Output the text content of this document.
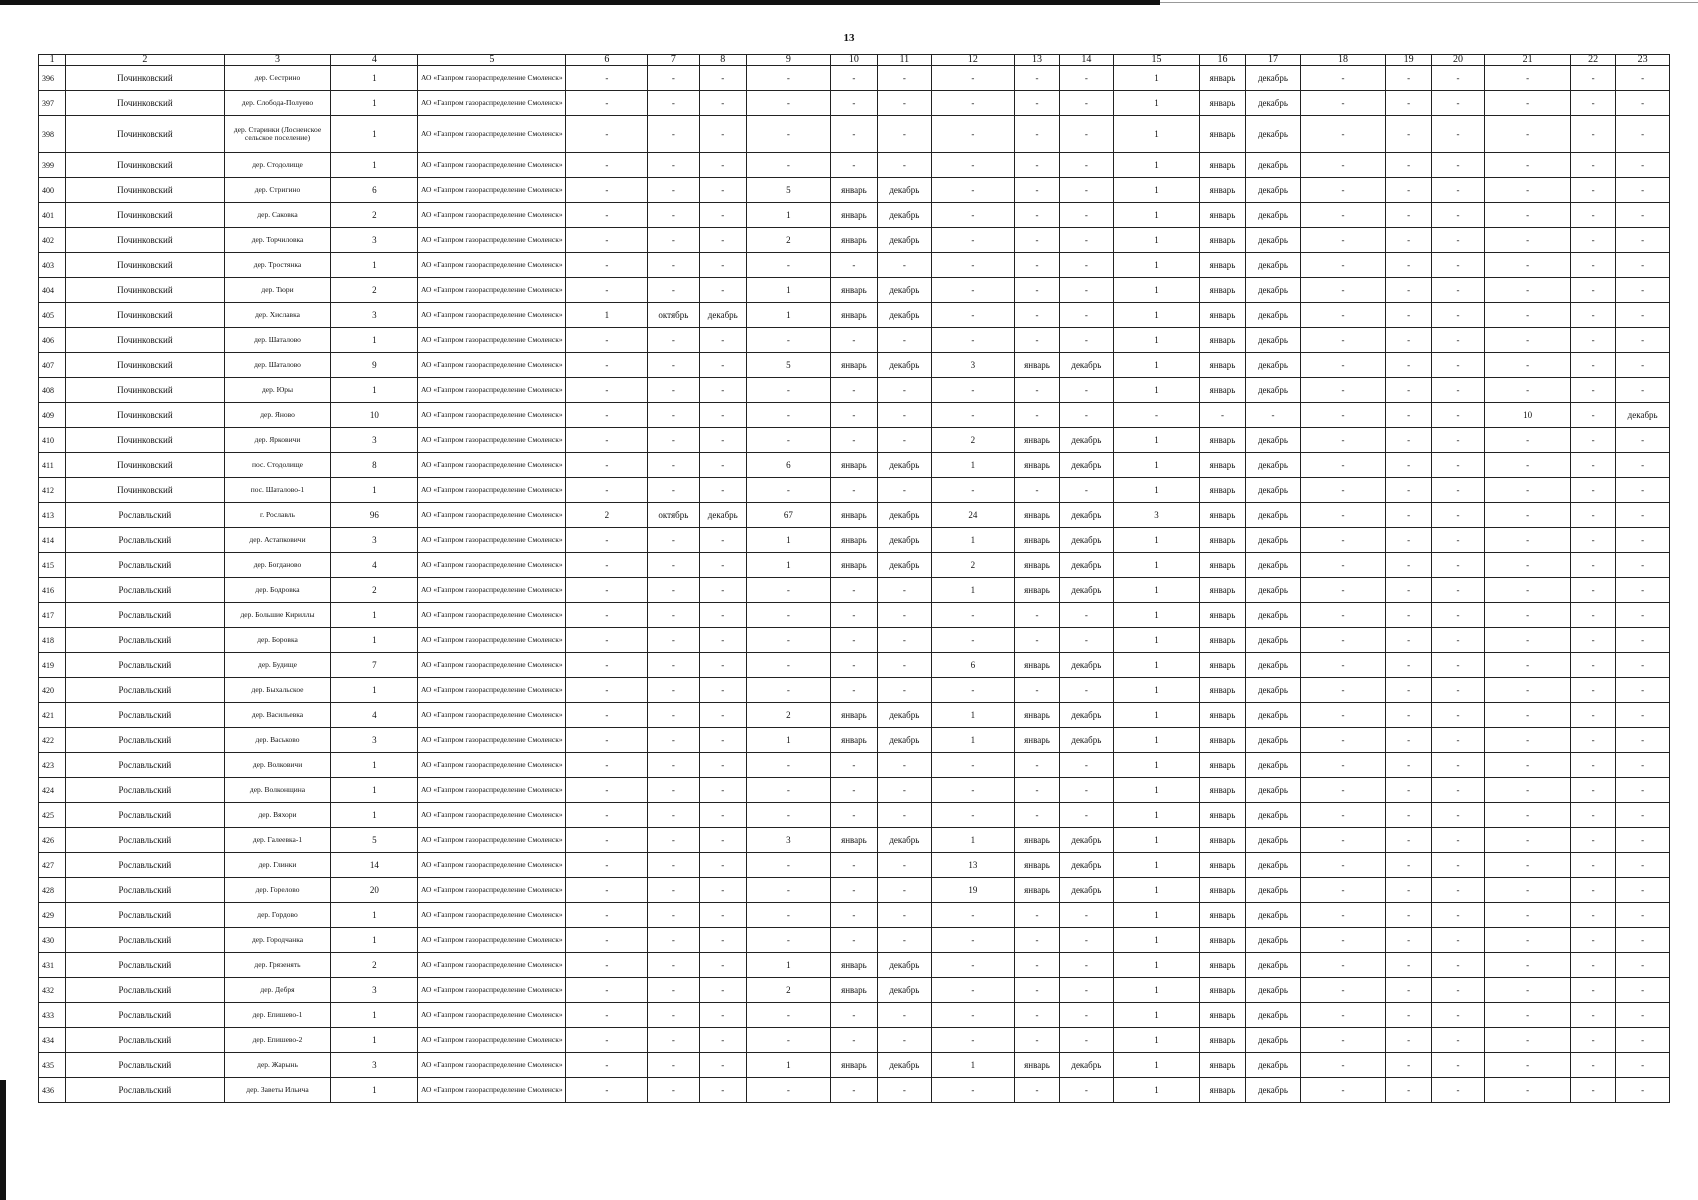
13
1	2	3	4	5	6	7	8	9	10	11	12	13	14	15	16	17	18	19	20	21	22	23
396	Починковский	дер. Сестрино	1	АО «Газпром газораспределение Смоленск»	-	-	-	-	-	-	-	-	-	1	январь	декабрь	-	-	-	-	-	-
397	Починковский	дер. Слобода-Полуево	1	АО «Газпром газораспределение Смоленск»	-	-	-	-	-	-	-	-	-	1	январь	декабрь	-	-	-	-	-	-
398	Починковский	дер. Старинки (Лосненское сельское поселение)	1	АО «Газпром газораспределение Смоленск»	-	-	-	-	-	-	-	-	-	1	январь	декабрь	-	-	-	-	-	-
399	Починковский	дер. Стодолище	1	АО «Газпром газораспределение Смоленск»	-	-	-	-	-	-	-	-	-	1	январь	декабрь	-	-	-	-	-	-
400	Починковский	дер. Стригино	6	АО «Газпром газораспределение Смоленск»	-	-	-	5	январь	декабрь	-	-	-	1	январь	декабрь	-	-	-	-	-	-
401	Починковский	дер. Саковка	2	АО «Газпром газораспределение Смоленск»	-	-	-	1	январь	декабрь	-	-	-	1	январь	декабрь	-	-	-	-	-	-
402	Починковский	дер. Торчиловка	3	АО «Газпром газораспределение Смоленск»	-	-	-	2	январь	декабрь	-	-	-	1	январь	декабрь	-	-	-	-	-	-
403	Починковский	дер. Тростянка	1	АО «Газпром газораспределение Смоленск»	-	-	-	-	-	-	-	-	-	1	январь	декабрь	-	-	-	-	-	-
404	Починковский	дер. Тюри	2	АО «Газпром газораспределение Смоленск»	-	-	-	1	январь	декабрь	-	-	-	1	январь	декабрь	-	-	-	-	-	-
405	Починковский	дер. Хиславка	3	АО «Газпром газораспределение Смоленск»	1	октябрь	декабрь	1	январь	декабрь	-	-	-	1	январь	декабрь	-	-	-	-	-	-
406	Починковский	дер. Шаталово	1	АО «Газпром газораспределение Смоленск»	-	-	-	-	-	-	-	-	-	1	январь	декабрь	-	-	-	-	-	-
407	Починковский	дер. Шаталово	9	АО «Газпром газораспределение Смоленск»	-	-	-	5	январь	декабрь	3	январь	декабрь	1	январь	декабрь	-	-	-	-	-	-
408	Починковский	дер. Юры	1	АО «Газпром газораспределение Смоленск»	-	-	-	-	-	-	-	-	-	1	январь	декабрь	-	-	-	-	-	-
409	Починковский	дер. Яново	10	АО «Газпром газораспределение Смоленск»	-	-	-	-	-	-	-	-	-	-	-	-	-	-	-	10	-	декабрь
410	Починковский	дер. Ярковичи	3	АО «Газпром газораспределение Смоленск»	-	-	-	-	-	-	2	январь	декабрь	1	январь	декабрь	-	-	-	-	-	-
411	Починковский	пос. Стодолище	8	АО «Газпром газораспределение Смоленск»	-	-	-	6	январь	декабрь	1	январь	декабрь	1	январь	декабрь	-	-	-	-	-	-
412	Починковский	пос. Шаталово-1	1	АО «Газпром газораспределение Смоленск»	-	-	-	-	-	-	-	-	-	1	январь	декабрь	-	-	-	-	-	-
413	Рославльский	г. Рославль	96	АО «Газпром газораспределение Смоленск»	2	октябрь	декабрь	67	январь	декабрь	24	январь	декабрь	3	январь	декабрь	-	-	-	-	-	-
414	Рославльский	дер. Астапковичи	3	АО «Газпром газораспределение Смоленск»	-	-	-	1	январь	декабрь	1	январь	декабрь	1	январь	декабрь	-	-	-	-	-	-
415	Рославльский	дер. Богданово	4	АО «Газпром газораспределение Смоленск»	-	-	-	1	январь	декабрь	2	январь	декабрь	1	январь	декабрь	-	-	-	-	-	-
416	Рославльский	дер. Бодровка	2	АО «Газпром газораспределение Смоленск»	-	-	-	-	-	-	1	январь	декабрь	1	январь	декабрь	-	-	-	-	-	-
417	Рославльский	дер. Большие Кириллы	1	АО «Газпром газораспределение Смоленск»	-	-	-	-	-	-	-	-	-	1	январь	декабрь	-	-	-	-	-	-
418	Рославльский	дер. Боровка	1	АО «Газпром газораспределение Смоленск»	-	-	-	-	-	-	-	-	-	1	январь	декабрь	-	-	-	-	-	-
419	Рославльский	дер. Будище	7	АО «Газпром газораспределение Смоленск»	-	-	-	-	-	-	6	январь	декабрь	1	январь	декабрь	-	-	-	-	-	-
420	Рославльский	дер. Быхальское	1	АО «Газпром газораспределение Смоленск»	-	-	-	-	-	-	-	-	-	1	январь	декабрь	-	-	-	-	-	-
421	Рославльский	дер. Васильевка	4	АО «Газпром газораспределение Смоленск»	-	-	-	2	январь	декабрь	1	январь	декабрь	1	январь	декабрь	-	-	-	-	-	-
422	Рославльский	дер. Васьково	3	АО «Газпром газораспределение Смоленск»	-	-	-	1	январь	декабрь	1	январь	декабрь	1	январь	декабрь	-	-	-	-	-	-
423	Рославльский	дер. Волковичи	1	АО «Газпром газораспределение Смоленск»	-	-	-	-	-	-	-	-	-	1	январь	декабрь	-	-	-	-	-	-
424	Рославльский	дер. Волконщина	1	АО «Газпром газораспределение Смоленск»	-	-	-	-	-	-	-	-	-	1	январь	декабрь	-	-	-	-	-	-
425	Рославльский	дер. Вяхори	1	АО «Газпром газораспределение Смоленск»	-	-	-	-	-	-	-	-	-	1	январь	декабрь	-	-	-	-	-	-
426	Рославльский	дер. Галеевка-1	5	АО «Газпром газораспределение Смоленск»	-	-	-	3	январь	декабрь	1	январь	декабрь	1	январь	декабрь	-	-	-	-	-	-
427	Рославльский	дер. Глинки	14	АО «Газпром газораспределение Смоленск»	-	-	-	-	-	-	13	январь	декабрь	1	январь	декабрь	-	-	-	-	-	-
428	Рославльский	дер. Горелово	20	АО «Газпром газораспределение Смоленск»	-	-	-	-	-	-	19	январь	декабрь	1	январь	декабрь	-	-	-	-	-	-
429	Рославльский	дер. Гордово	1	АО «Газпром газораспределение Смоленск»	-	-	-	-	-	-	-	-	-	1	январь	декабрь	-	-	-	-	-	-
430	Рославльский	дер. Городчанка	1	АО «Газпром газораспределение Смоленск»	-	-	-	-	-	-	-	-	-	1	январь	декабрь	-	-	-	-	-	-
431	Рославльский	дер. Грязенять	2	АО «Газпром газораспределение Смоленск»	-	-	-	1	январь	декабрь	-	-	-	1	январь	декабрь	-	-	-	-	-	-
432	Рославльский	дер. Дебря	3	АО «Газпром газораспределение Смоленск»	-	-	-	2	январь	декабрь	-	-	-	1	январь	декабрь	-	-	-	-	-	-
433	Рославльский	дер. Епишево-1	1	АО «Газпром газораспределение Смоленск»	-	-	-	-	-	-	-	-	-	1	январь	декабрь	-	-	-	-	-	-
434	Рославльский	дер. Епишево-2	1	АО «Газпром газораспределение Смоленск»	-	-	-	-	-	-	-	-	-	1	январь	декабрь	-	-	-	-	-	-
435	Рославльский	дер. Жарынь	3	АО «Газпром газораспределение Смоленск»	-	-	-	1	январь	декабрь	1	январь	декабрь	1	январь	декабрь	-	-	-	-	-	-
436	Рославльский	дер. Заветы Ильича	1	АО «Газпром газораспределение Смоленск»	-	-	-	-	-	-	-	-	-	1	январь	декабрь	-	-	-	-	-	-
